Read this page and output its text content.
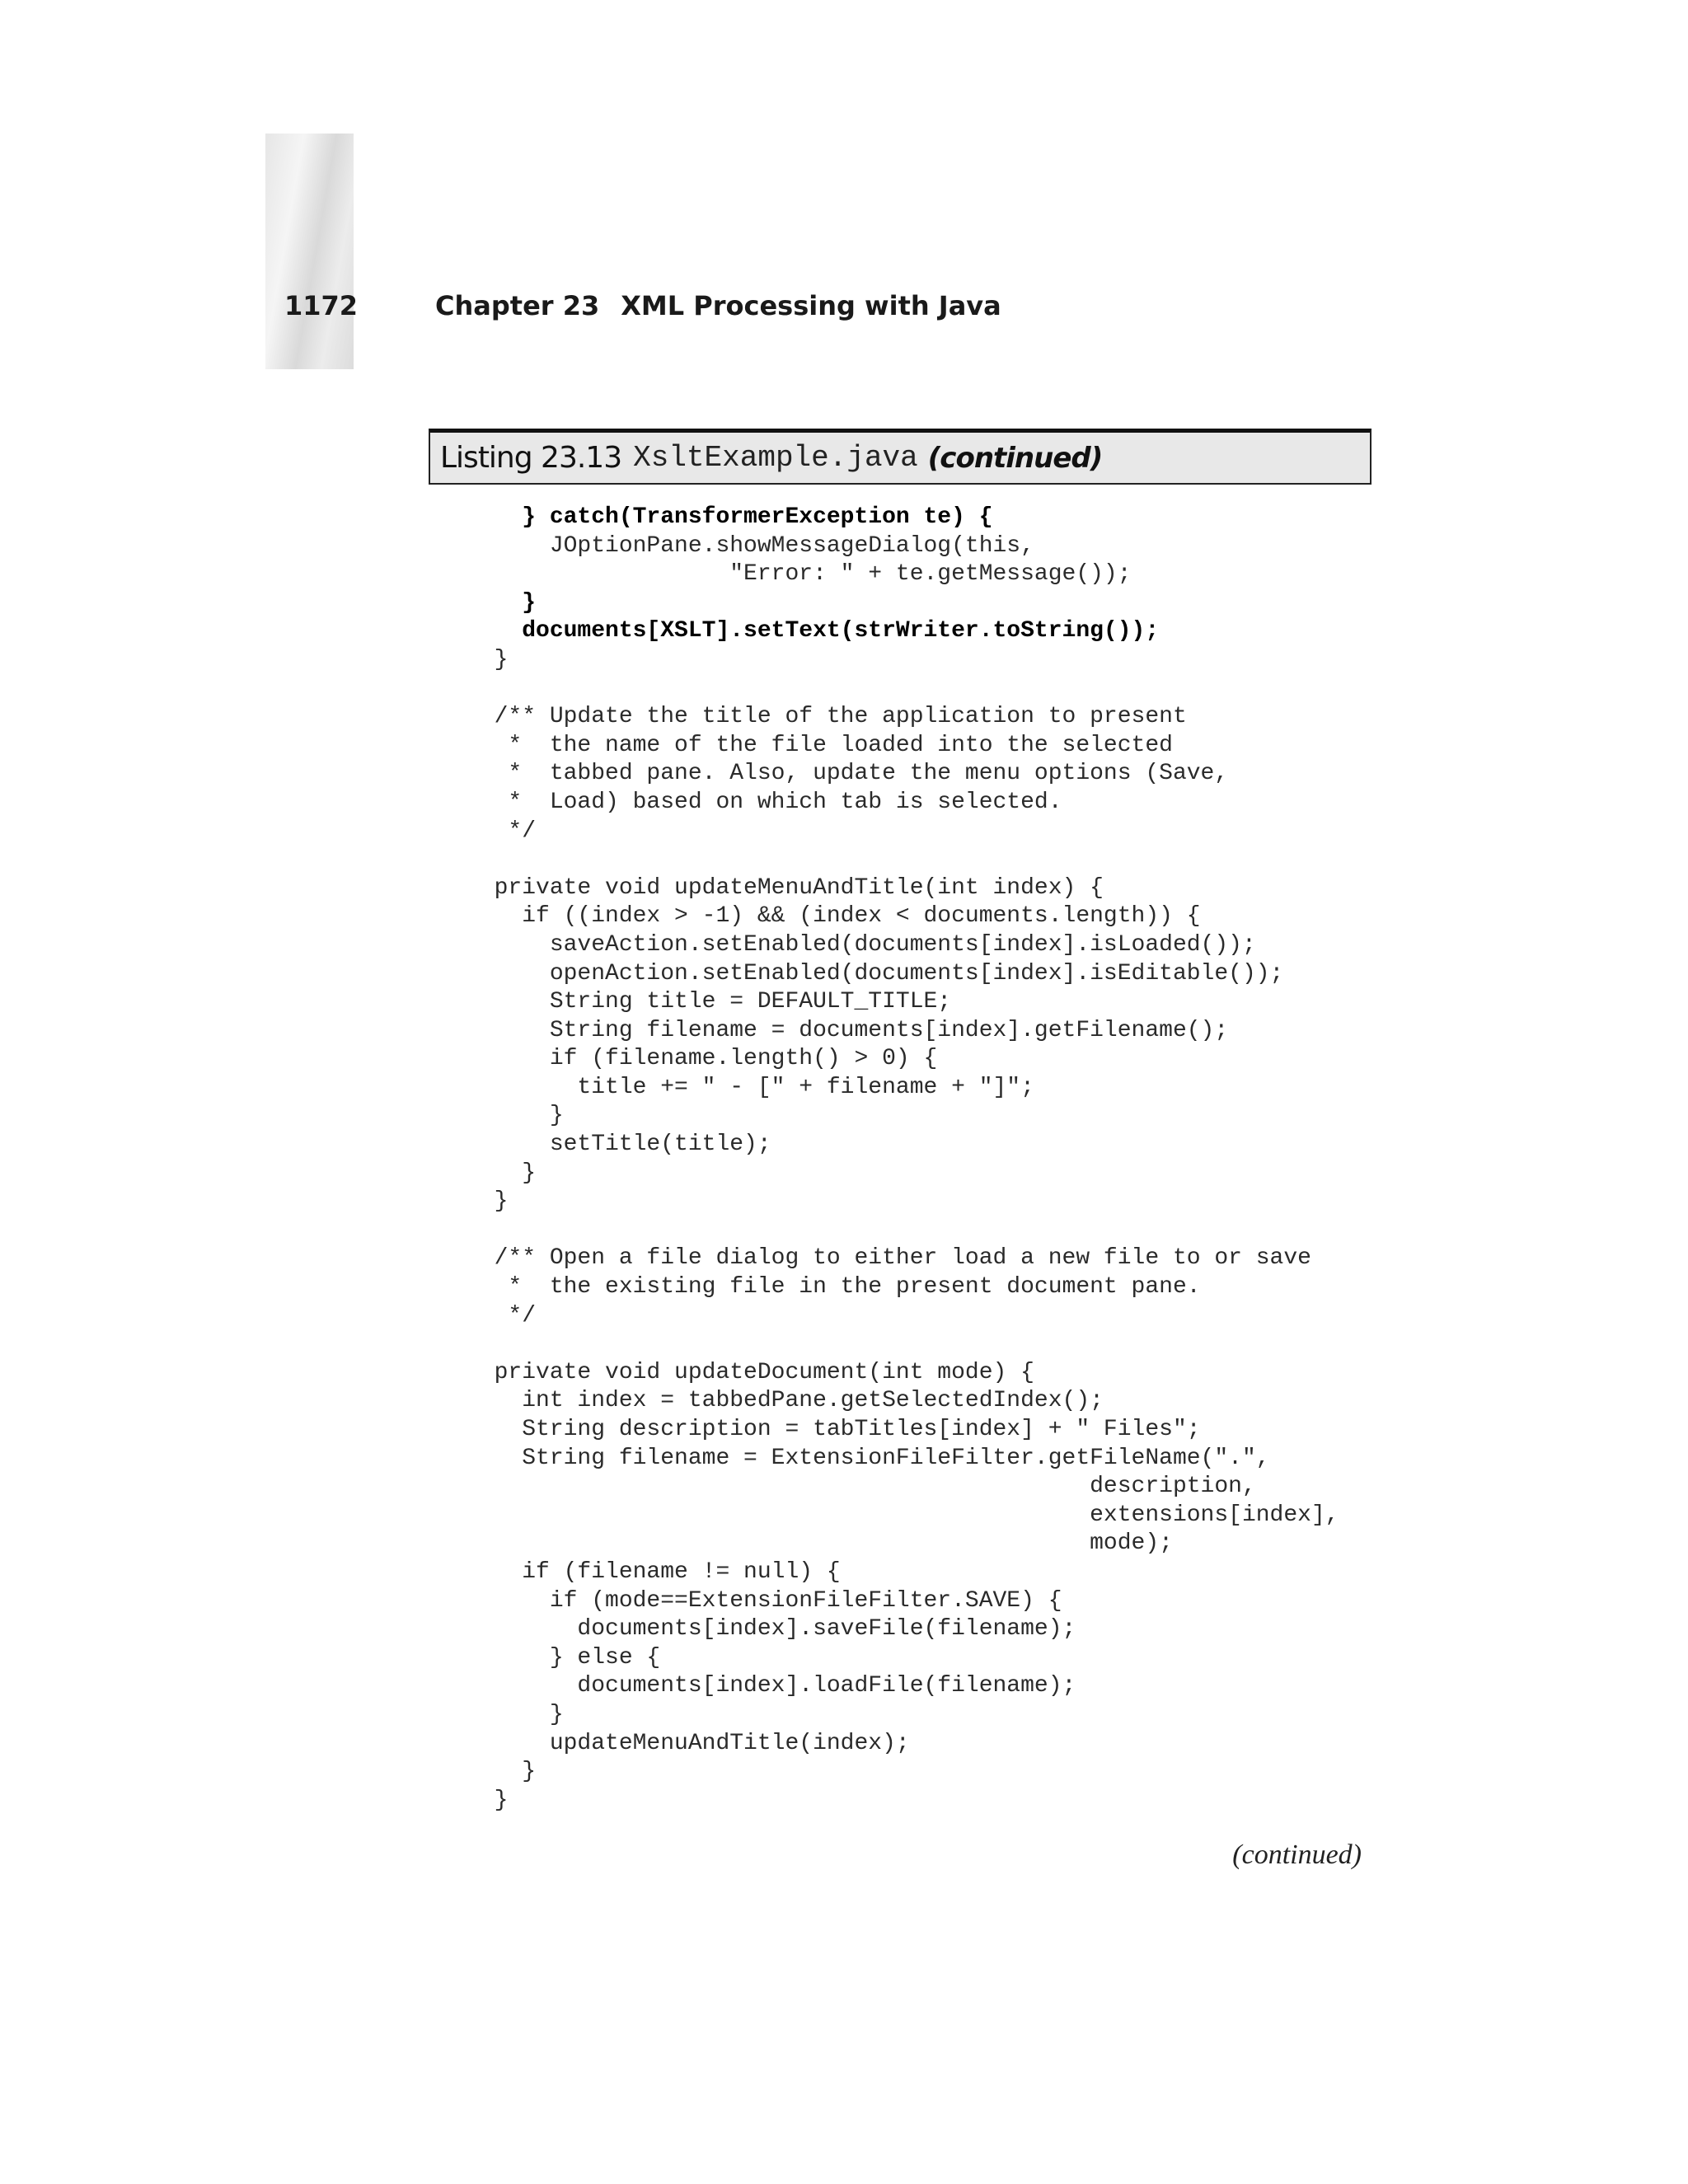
1172	Chapter 23 XML Processing with Java
Listing 23.13 XsltExample.java (continued)
} catch(TransformerException te) {
JOptionPane.showMessageDialog(this,
"Error: " + te.getMessage());
}
documents[XSLT].setText(strWriter.toString());
}
/** Update the title of the application to present
*  the name of the file loaded into the selected
*  tabbed pane. Also, update the menu options (Save,
*  Load) based on which tab is selected.
*/
private void updateMenuAndTitle(int index) {
if ((index > -1) && (index < documents.length)) {
saveAction.setEnabled(documents[index].isLoaded());
openAction.setEnabled(documents[index].isEditable());
String title = DEFAULT_TITLE;
String filename = documents[index].getFilename();
if (filename.length() > 0) {
title += " - [" + filename + "]";
}
setTitle(title);
}
}
/** Open a file dialog to either load a new file to or save
*  the existing file in the present document pane.
*/
private void updateDocument(int mode) {
int index = tabbedPane.getSelectedIndex();
String description = tabTitles[index] + " Files";
String filename = ExtensionFileFilter.getFileName(".",
description,
extensions[index],
mode);
if (filename != null) {
if (mode==ExtensionFileFilter.SAVE) {
documents[index].saveFile(filename);
} else {
documents[index].loadFile(filename);
}
updateMenuAndTitle(index);
}
}
(continued)
